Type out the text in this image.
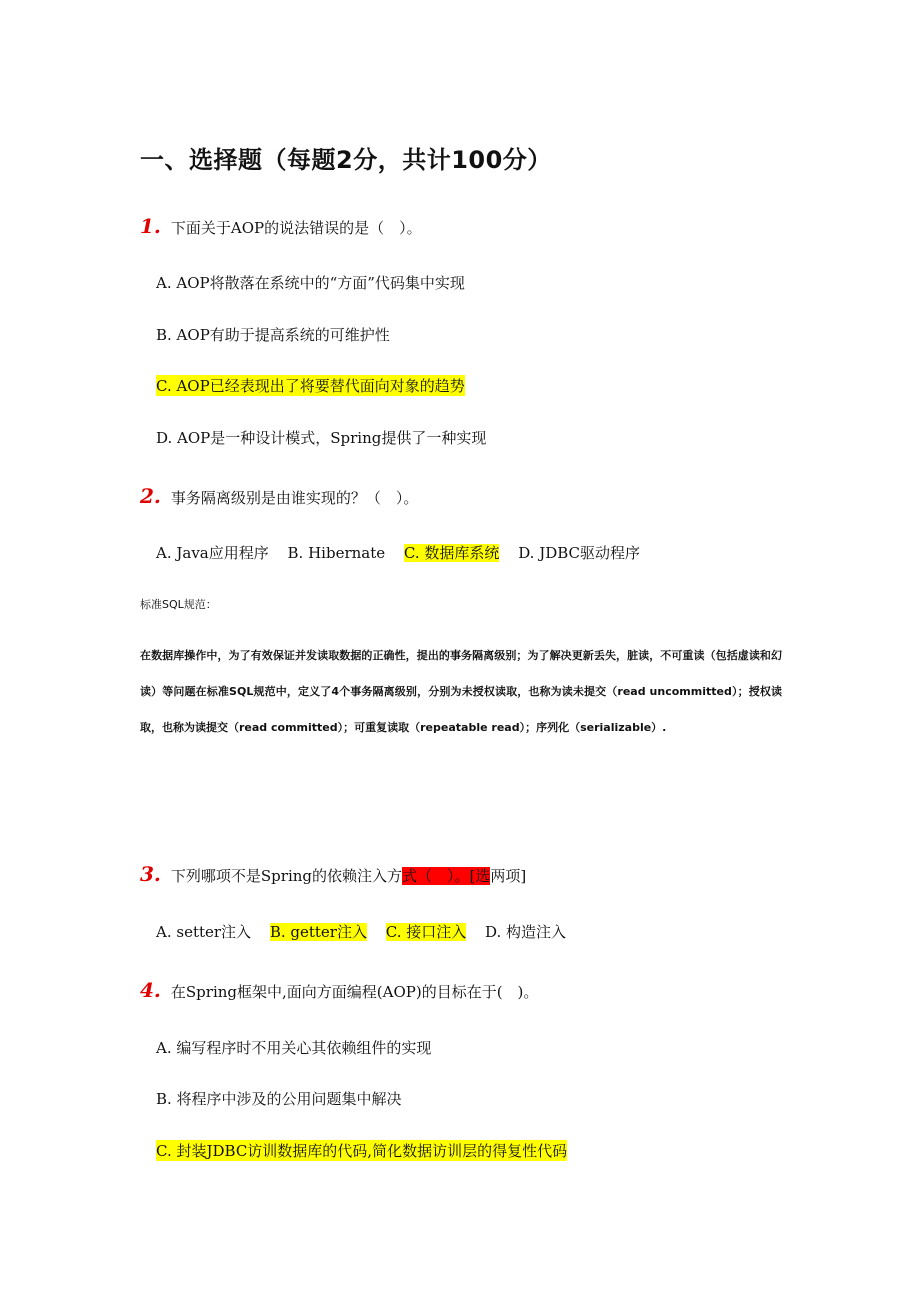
一、选择题（每题2分，共计100分）
1. 下面关于AOP的说法错误的是（　）。
A. AOP将散落在系统中的“方面”代码集中实现
B. AOP有助于提高系统的可维护性
C. AOP已经表现出了将要替代面向对象的趋势
D. AOP是一种设计模式，Spring提供了一种实现
2. 事务隔离级别是由谁实现的？（　）。
A. Java应用程序 B. Hibernate C. 数据库系统 D. JDBC驱动程序
标准SQL规范：
在数据库操作中，为了有效保证并发读取数据的正确性，提出的事务隔离级别；为了解决更新丢失，脏读，不可重读（包括虚读和幻读）等问题在标准SQL规范中，定义了4个事务隔离级别，分别为未授权读取，也称为读未提交（read uncommitted）；授权读取，也称为读提交（read committed）；可重复读取（repeatable read）；序列化（serializable）.
3. 下列哪项不是Spring的依赖注入方式（　）。[选两项]
A. setter注入 B. getter注入 C. 接口注入 D. 构造注入
4. 在Spring框架中,面向方面编程(AOP)的目标在于(　)。
A. 编写程序时不用关心其依赖组件的实现
B. 将程序中涉及的公用问题集中解决
C. 封装JDBC访训数据库的代码,简化数据访训层的得复性代码
